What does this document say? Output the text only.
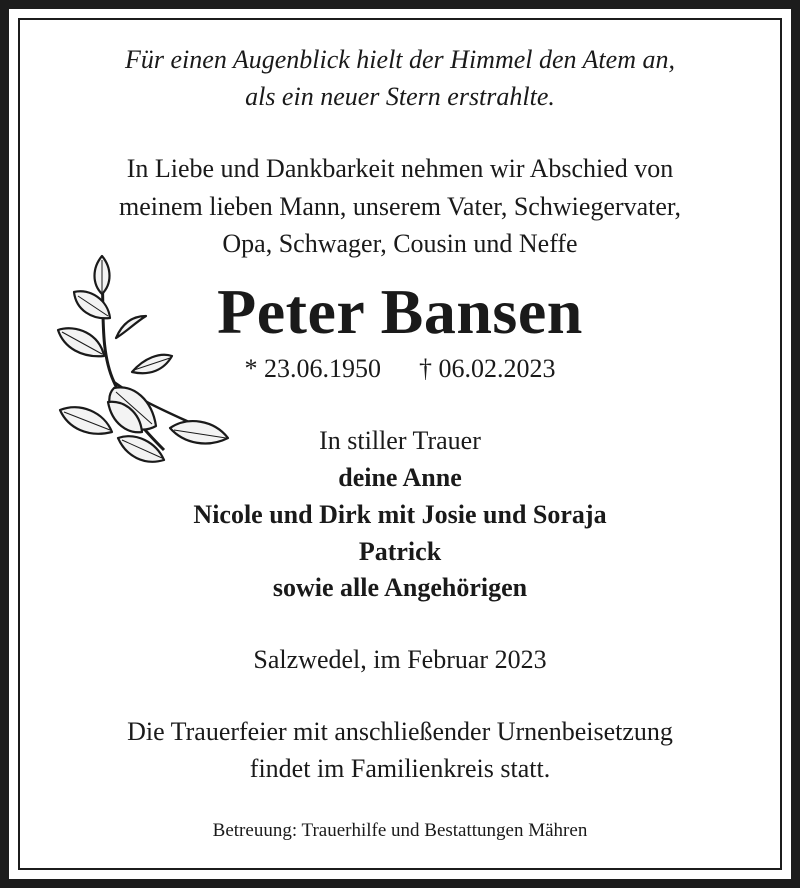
Für einen Augenblick hielt der Himmel den Atem an,
als ein neuer Stern erstrahlte.
In Liebe und Dankbarkeit nehmen wir Abschied von
meinem lieben Mann, unserem Vater, Schwiegervater,
Opa, Schwager, Cousin und Neffe
Peter Bansen
* 23.06.1950 † 06.02.2023
In stiller Trauer
deine Anne
Nicole und Dirk mit Josie und Soraja
Patrick
sowie alle Angehörigen
Salzwedel, im Februar 2023
Die Trauerfeier mit anschließender Urnenbeisetzung
findet im Familienkreis statt.
Betreuung: Trauerhilfe und Bestattungen Mähren
